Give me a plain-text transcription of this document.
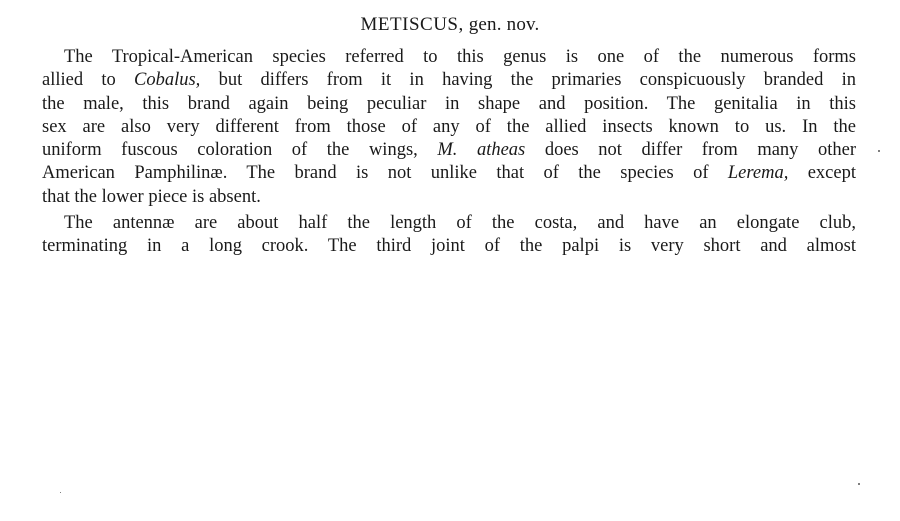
METISCUS, gen. nov.

The Tropical-American species referred to this genus is one of the numerous forms
allied to Cobalus, but differs from it in having the primaries conspicuously branded in
the male, this brand again being peculiar in shape and position. The genitalia in this
sex are also very different from those of any of the allied insects known to us. In the
uniform fuscous coloration of the wings, M. atheas does not differ from many other
American Pamphilinæ. The brand is not unlike that of the species of Lerema, except
that the lower piece is absent.

The antennæ are about half the length of the costa, and have an elongate club,
terminating in a long crook. The third joint of the palpi is very short and almost
